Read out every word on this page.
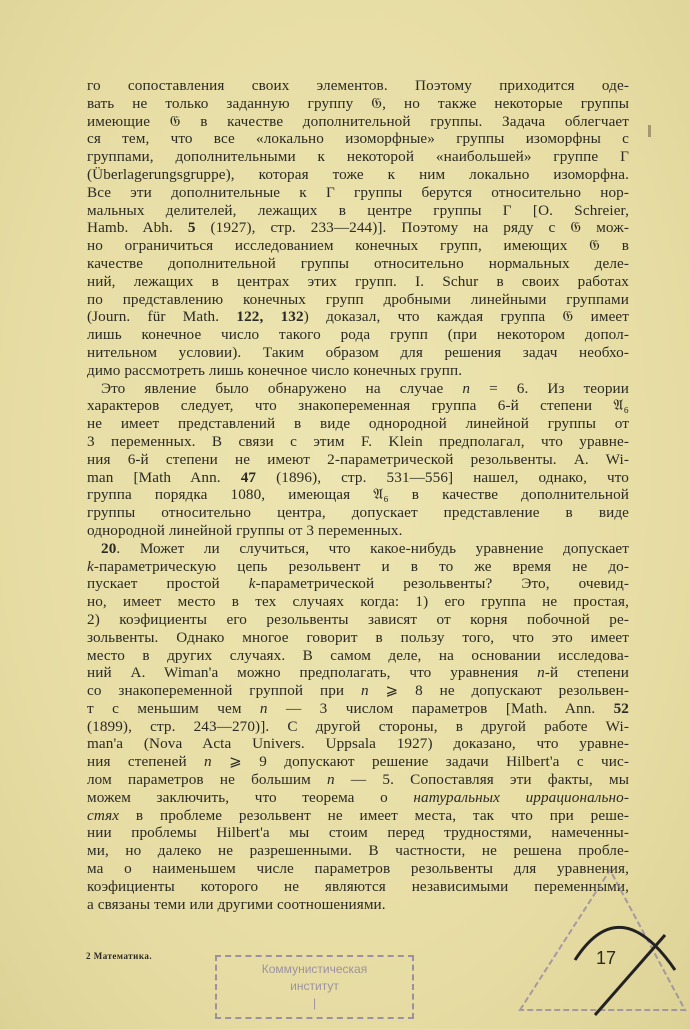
го сопоставления своих элементов. Поэтому приходится оде-
вать не только заданную группу 𝔊, но также некоторые группы
имеющие 𝔊 в качестве дополнительной группы. Задача облегчает
ся тем, что все «локально изоморфные» группы изоморфны с
группами, дополнительными к некоторой «наибольшей» группе Γ
(Überlagerungsgruppe), которая тоже к ним локально изоморфна.
Все эти дополнительные к Γ группы берутся относительно нор-
мальных делителей, лежащих в центре группы Γ [O. Schreier,
Hamb. Abh. 5 (1927), стр. 233—244)]. Поэтому на ряду с 𝔊 мож-
но ограничиться исследованием конечных групп, имеющих 𝔊 в
качестве дополнительной группы относительно нормальных деле-
ний, лежащих в центрах этих групп. I. Schur в своих работах
по представлению конечных групп дробными линейными группами
(Journ. für Math. 122, 132) доказал, что каждая группа 𝔊 имеет
лишь конечное число такого рода групп (при некотором допол-
нительном условии). Таким образом для решения задач необхо-
димо рассмотреть лишь конечное число конечных групп.
Это явление было обнаружено на случае n = 6. Из теории
характеров следует, что знакопеременная группа 6-й степени 𝔄₆
не имеет представлений в виде однородной линейной группы от
3 переменных. В связи с этим F. Klein предполагал, что уравне-
ния 6-й степени не имеют 2-параметрической резольвенты. A. Wi-
man [Math Ann. 47 (1896), стр. 531—556] нашел, однако, что
группа порядка 1080, имеющая 𝔄₆ в качестве дополнительной
группы относительно центра, допускает представление в виде
однородной линейной группы от 3 переменных.
20. Может ли случиться, что какое-нибудь уравнение допускает
k-параметрическую цепь резольвент и в то же время не до-
пускает простой k-параметрической резольвенты? Это, очевид-
но, имеет место в тех случаях когда: 1) его группа не простая,
2) коэфициенты его резольвенты зависят от корня побочной ре-
зольвенты. Однако многое говорит в пользу того, что это имеет
место в других случаях. В самом деле, на основании исследова-
ний A. Wiman'a можно предполагать, что уравнения n-й степени
со знакопеременной группой при n ⩾ 8 не допускают резольвен-
т с меньшим чем n — 3 числом параметров [Math. Ann. 52
(1899), стр. 243—270)]. С другой стороны, в другой работе Wi-
man'a (Nova Acta Univers. Uppsala 1927) доказано, что уравне-
ния степеней n ⩾ 9 допускают решение задачи Hilbert'a с чис-
лом параметров не большим n — 5. Сопоставляя эти факты, мы
можем заключить, что теорема о натуральных иррационально-
стях в проблеме резольвент не имеет места, так что при реше-
нии проблемы Hilbert'a мы стоим перед трудностями, намеченны-
ми, но далеко не разрешенными. В частности, не решена пробле-
ма о наименьшем числе параметров резольвенты для уравнения,
коэфициенты которого не являются независимыми переменными,
а связаны теми или другими соотношениями.
2 Математика.
Коммунистическая
институт
|
17
